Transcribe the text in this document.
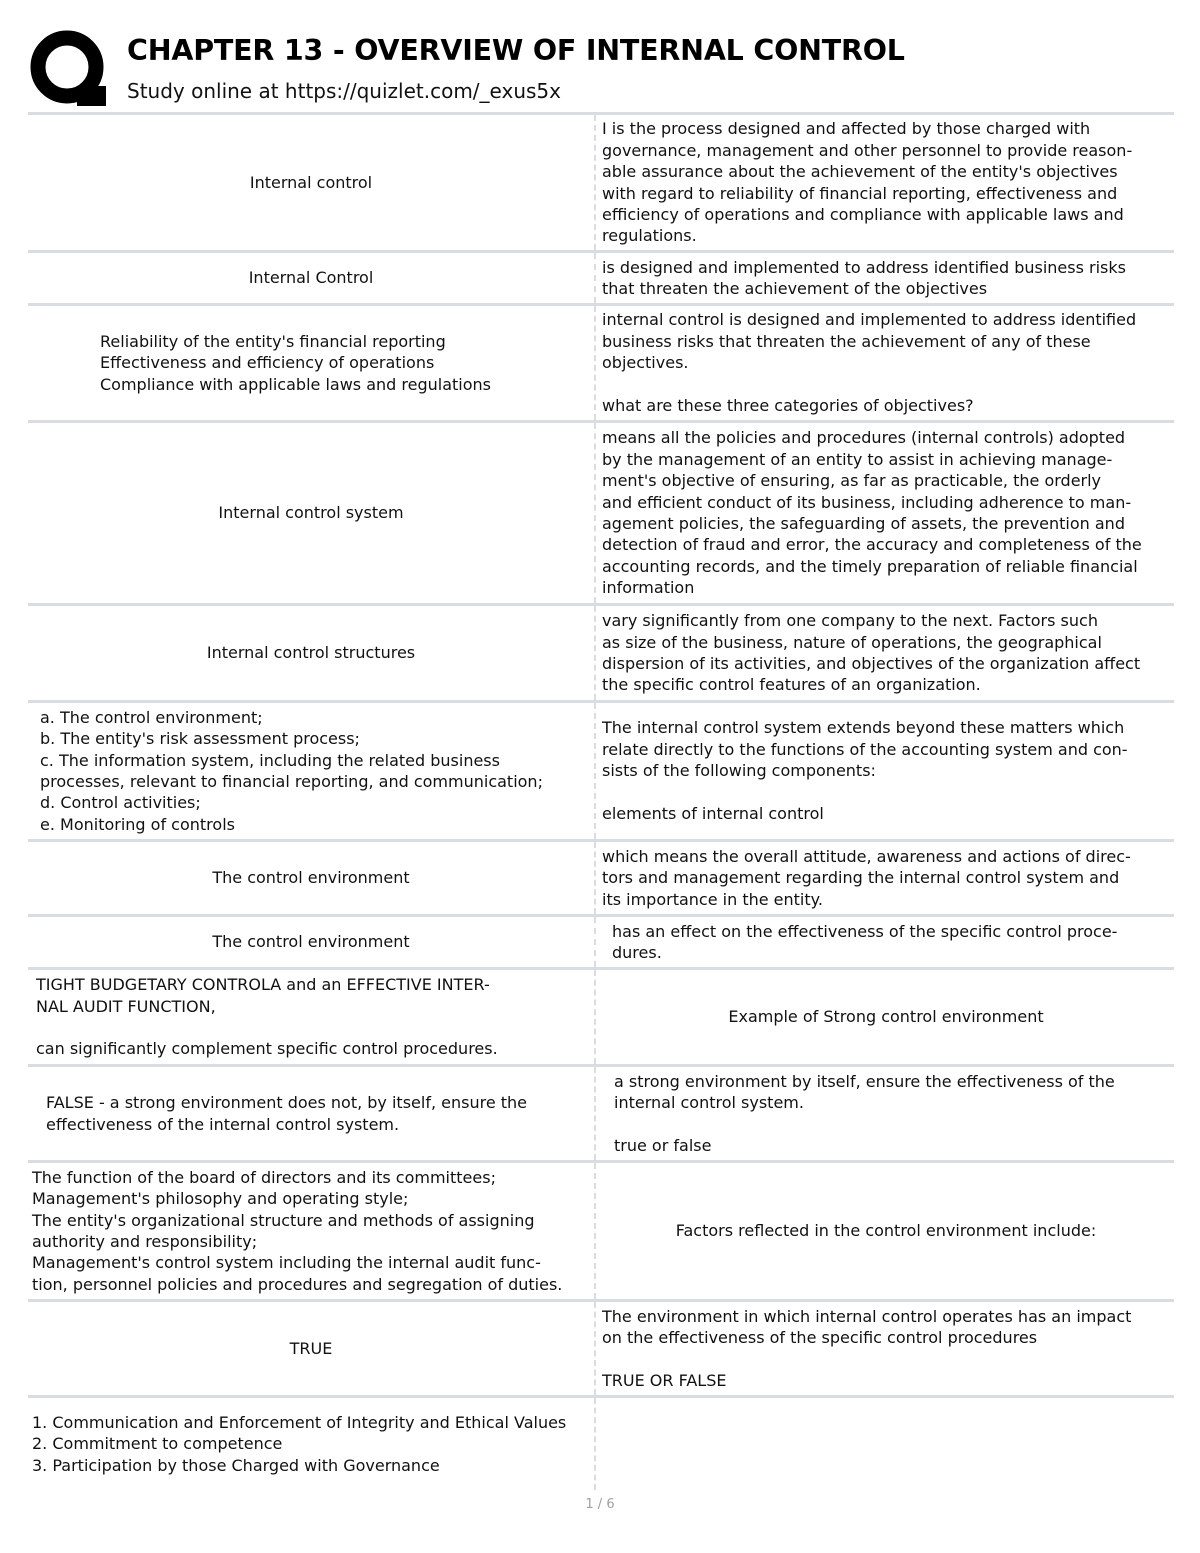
CHAPTER 13 - OVERVIEW OF INTERNAL CONTROL
Study online at https://quizlet.com/_exus5x
Internal control
I is the process designed and affected by those charged with
governance, management and other personnel to provide reason-
able assurance about the achievement of the entity's objectives
with regard to reliability of financial reporting, effectiveness and
efficiency of operations and compliance with applicable laws and
regulations.
Internal Control
is designed and implemented to address identified business risks
that threaten the achievement of the objectives
Reliability of the entity's financial reporting
Effectiveness and efficiency of operations
Compliance with applicable laws and regulations
internal control is designed and implemented to address identified
business risks that threaten the achievement of any of these
objectives.

what are these three categories of objectives?
Internal control system
means all the policies and procedures (internal controls) adopted
by the management of an entity to assist in achieving manage-
ment's objective of ensuring, as far as practicable, the orderly
and efficient conduct of its business, including adherence to man-
agement policies, the safeguarding of assets, the prevention and
detection of fraud and error, the accuracy and completeness of the
accounting records, and the timely preparation of reliable financial
information
Internal control structures
vary significantly from one company to the next. Factors such
as size of the business, nature of operations, the geographical
dispersion of its activities, and objectives of the organization affect
the specific control features of an organization.
a. The control environment;
b. The entity's risk assessment process;
c. The information system, including the related business
processes, relevant to financial reporting, and communication;
d. Control activities;
e. Monitoring of controls
The internal control system extends beyond these matters which
relate directly to the functions of the accounting system and con-
sists of the following components:

elements of internal control
The control environment
which means the overall attitude, awareness and actions of direc-
tors and management regarding the internal control system and
its importance in the entity.
The control environment
has an effect on the effectiveness of the specific control proce-
dures.
TIGHT BUDGETARY CONTROLA and an EFFECTIVE INTER-
NAL AUDIT FUNCTION,

can significantly complement specific control procedures.
Example of Strong control environment
FALSE - a strong environment does not, by itself, ensure the
effectiveness of the internal control system.
a strong environment by itself, ensure the effectiveness of the
internal control system.

true or false
The function of the board of directors and its committees;
Management's philosophy and operating style;
The entity's organizational structure and methods of assigning
authority and responsibility;
Management's control system including the internal audit func-
tion, personnel policies and procedures and segregation of duties.
Factors reflected in the control environment include:
TRUE
The environment in which internal control operates has an impact
on the effectiveness of the specific control procedures

TRUE OR FALSE
1. Communication and Enforcement of Integrity and Ethical Values
2. Commitment to competence
3. Participation by those Charged with Governance
1 / 6
